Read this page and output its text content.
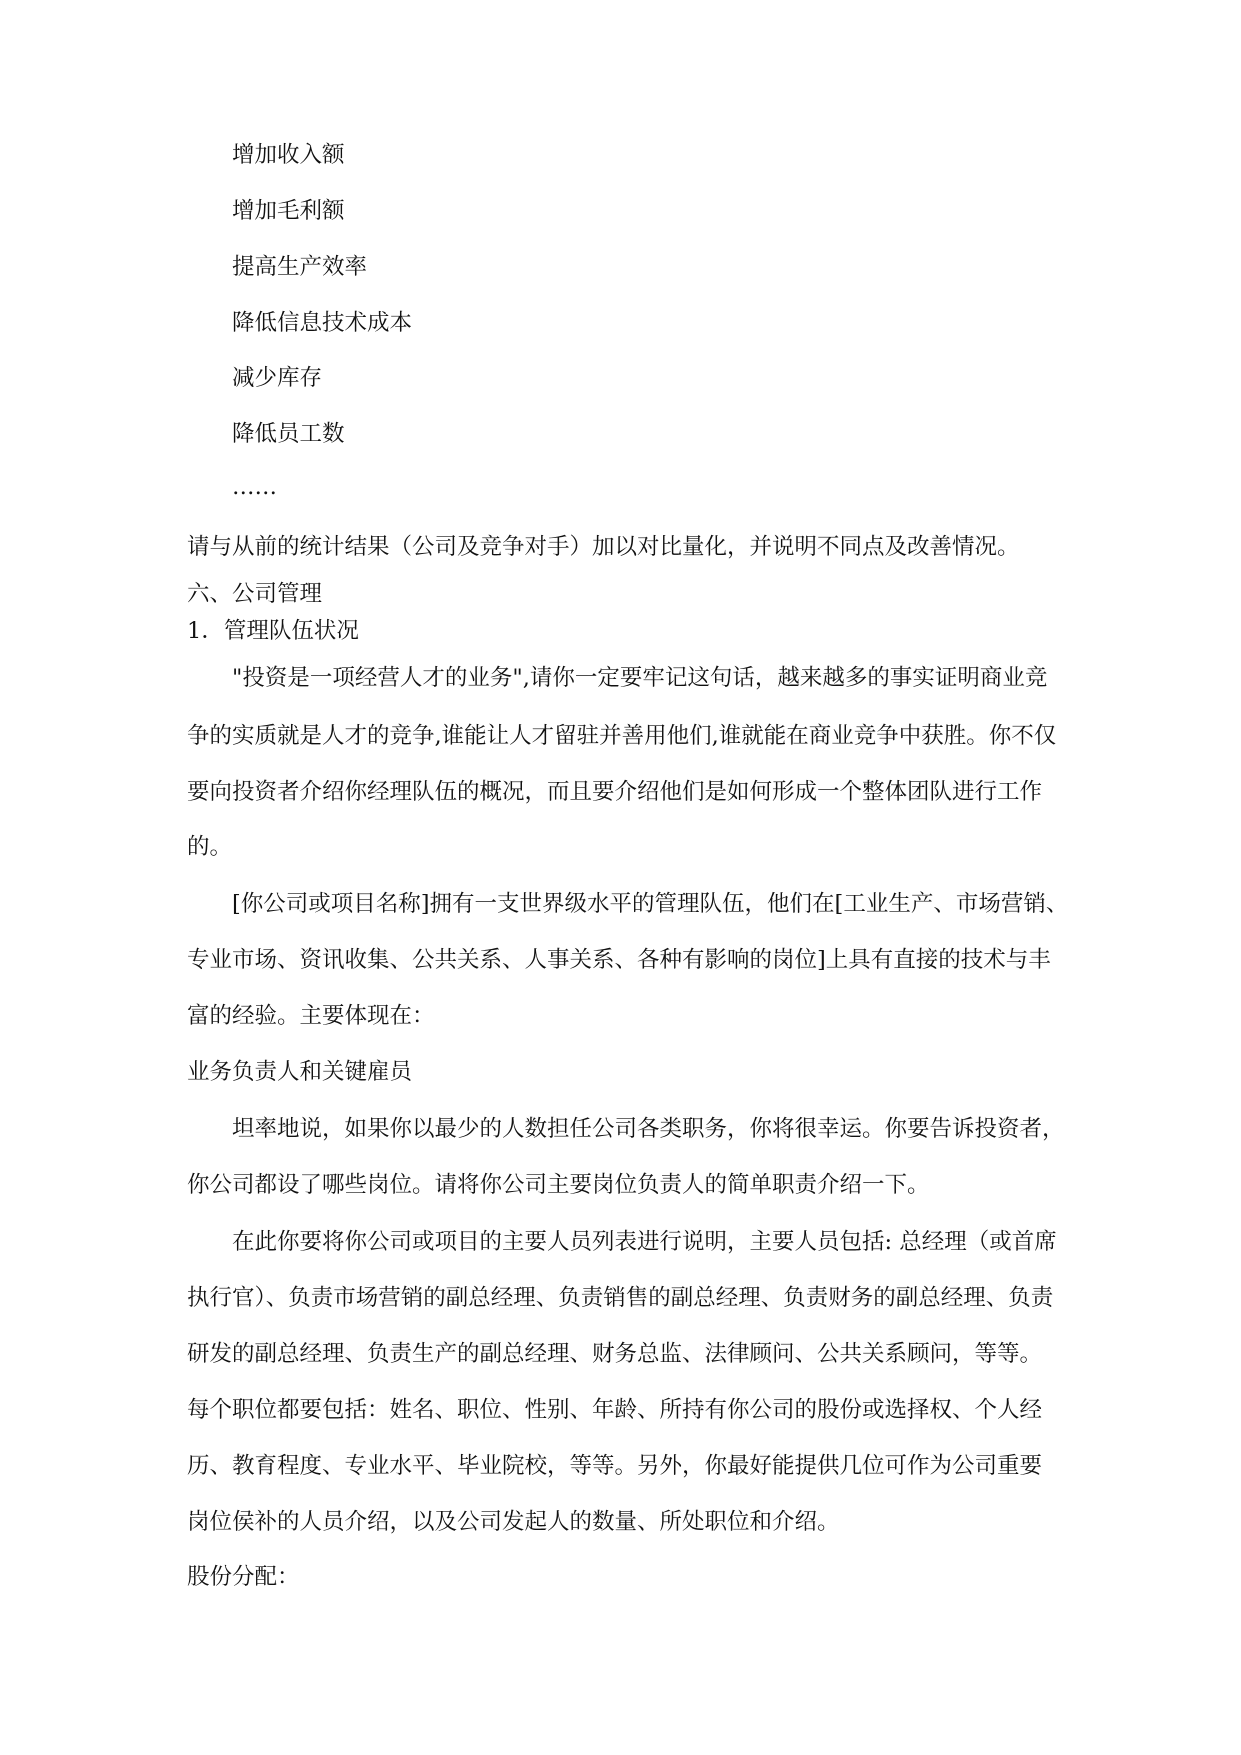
增加收入额

增加毛利额

提高生产效率

降低信息技术成本

减少库存

降低员工数

……

请与从前的统计结果（公司及竞争对手）加以对比量化，并说明不同点及改善情况。

六、公司管理

1．管理队伍状况

"投资是一项经营人才的业务",请你一定要牢记这句话，越来越多的事实证明商业竞

争的实质就是人才的竞争,谁能让人才留驻并善用他们,谁就能在商业竞争中获胜。你不仅

要向投资者介绍你经理队伍的概况，而且要介绍他们是如何形成一个整体团队进行工作

的。

[你公司或项目名称]拥有一支世界级水平的管理队伍，他们在[工业生产、市场营销、

专业市场、资讯收集、公共关系、人事关系、各种有影响的岗位]上具有直接的技术与丰

富的经验。主要体现在：

业务负责人和关键雇员

坦率地说，如果你以最少的人数担任公司各类职务，你将很幸运。你要告诉投资者，

你公司都设了哪些岗位。请将你公司主要岗位负责人的简单职责介绍一下。

在此你要将你公司或项目的主要人员列表进行说明，主要人员包括: 总经理（或首席

执行官）、负责市场营销的副总经理、负责销售的副总经理、负责财务的副总经理、负责

研发的副总经理、负责生产的副总经理、财务总监、法律顾问、公共关系顾问，等等。

每个职位都要包括：姓名、职位、性别、年龄、所持有你公司的股份或选择权、个人经

历、教育程度、专业水平、毕业院校，等等。另外，你最好能提供几位可作为公司重要

岗位侯补的人员介绍，以及公司发起人的数量、所处职位和介绍。

股份分配：
